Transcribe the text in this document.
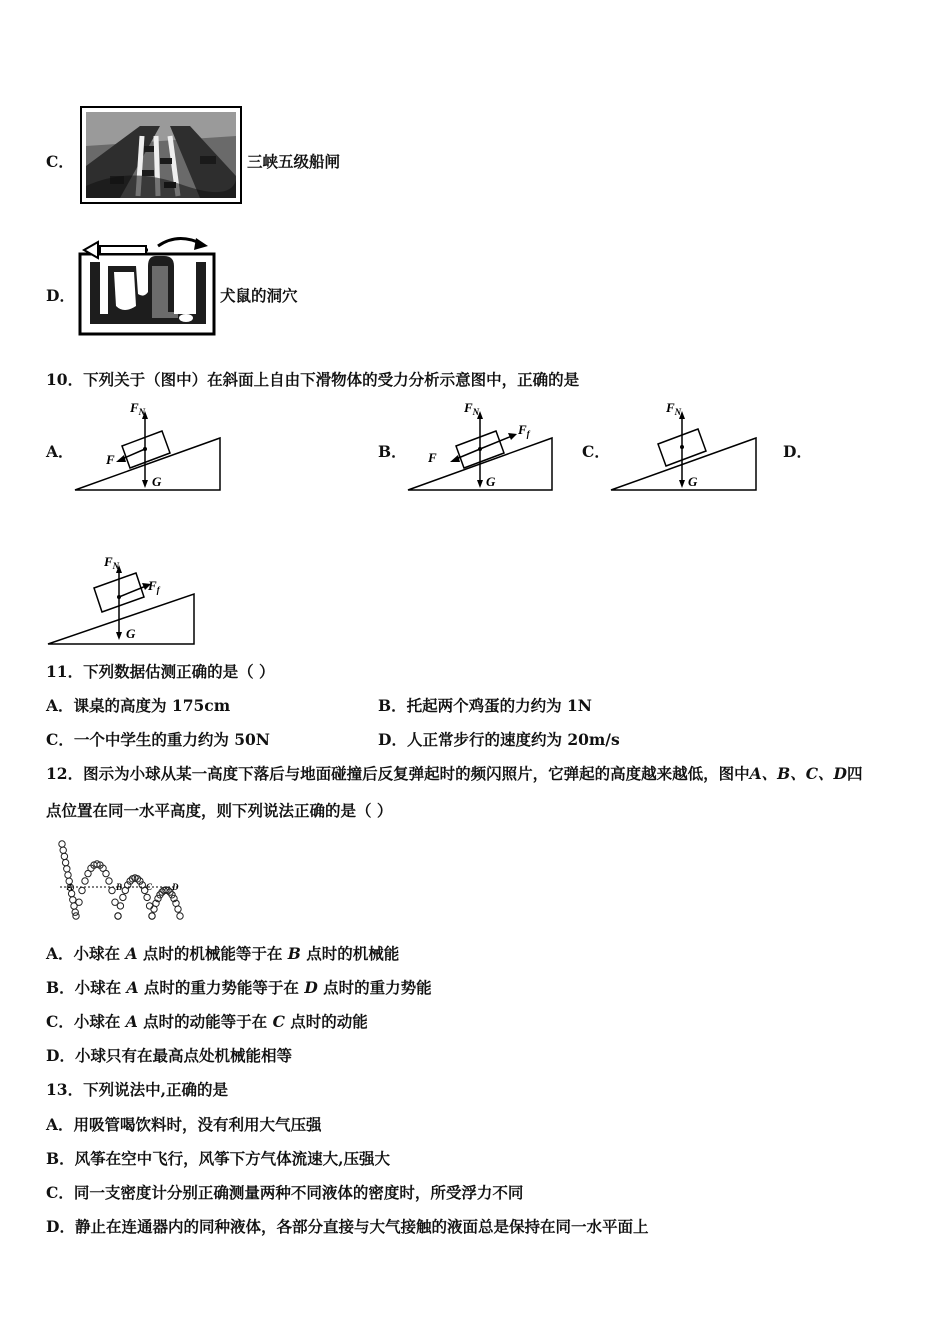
C．	三峡五级船闸
D．	犬鼠的洞穴
10．下列关于（图中）在斜面上自由下滑物体的受力分析示意图中，正确的是
A．
$F_N$
F
G
B．
$F_N$
F
$F_f$
G
C．
$F_N$
G
D．
$F_N$
$F_f$
G
11．下列数据估测正确的是（ ）
A．课桌的高度为 175cm	B．托起两个鸡蛋的力约为 1N
C．一个中学生的重力约为 50N	D．人正常步行的速度约为 20m/s
12．图示为小球从某一高度下落后与地面碰撞后反复弹起时的频闪照片，它弹起的高度越来越低，图中A、B、C、D四
点位置在同一水平高度，则下列说法正确的是（ ）
A	B	C D
A．小球在 A 点时的机械能等于在 B 点时的机械能
B．小球在 A 点时的重力势能等于在 D 点时的重力势能
C．小球在 A 点时的动能等于在 C 点时的动能
D．小球只有在最高点处机械能相等
13．下列说法中,正确的是
A．用吸管喝饮料时，没有利用大气压强
B．风筝在空中飞行，风筝下方气体流速大,压强大
C．同一支密度计分别正确测量两种不同液体的密度时，所受浮力不同
D．静止在连通器内的同种液体，各部分直接与大气接触的液面总是保持在同一水平面上
